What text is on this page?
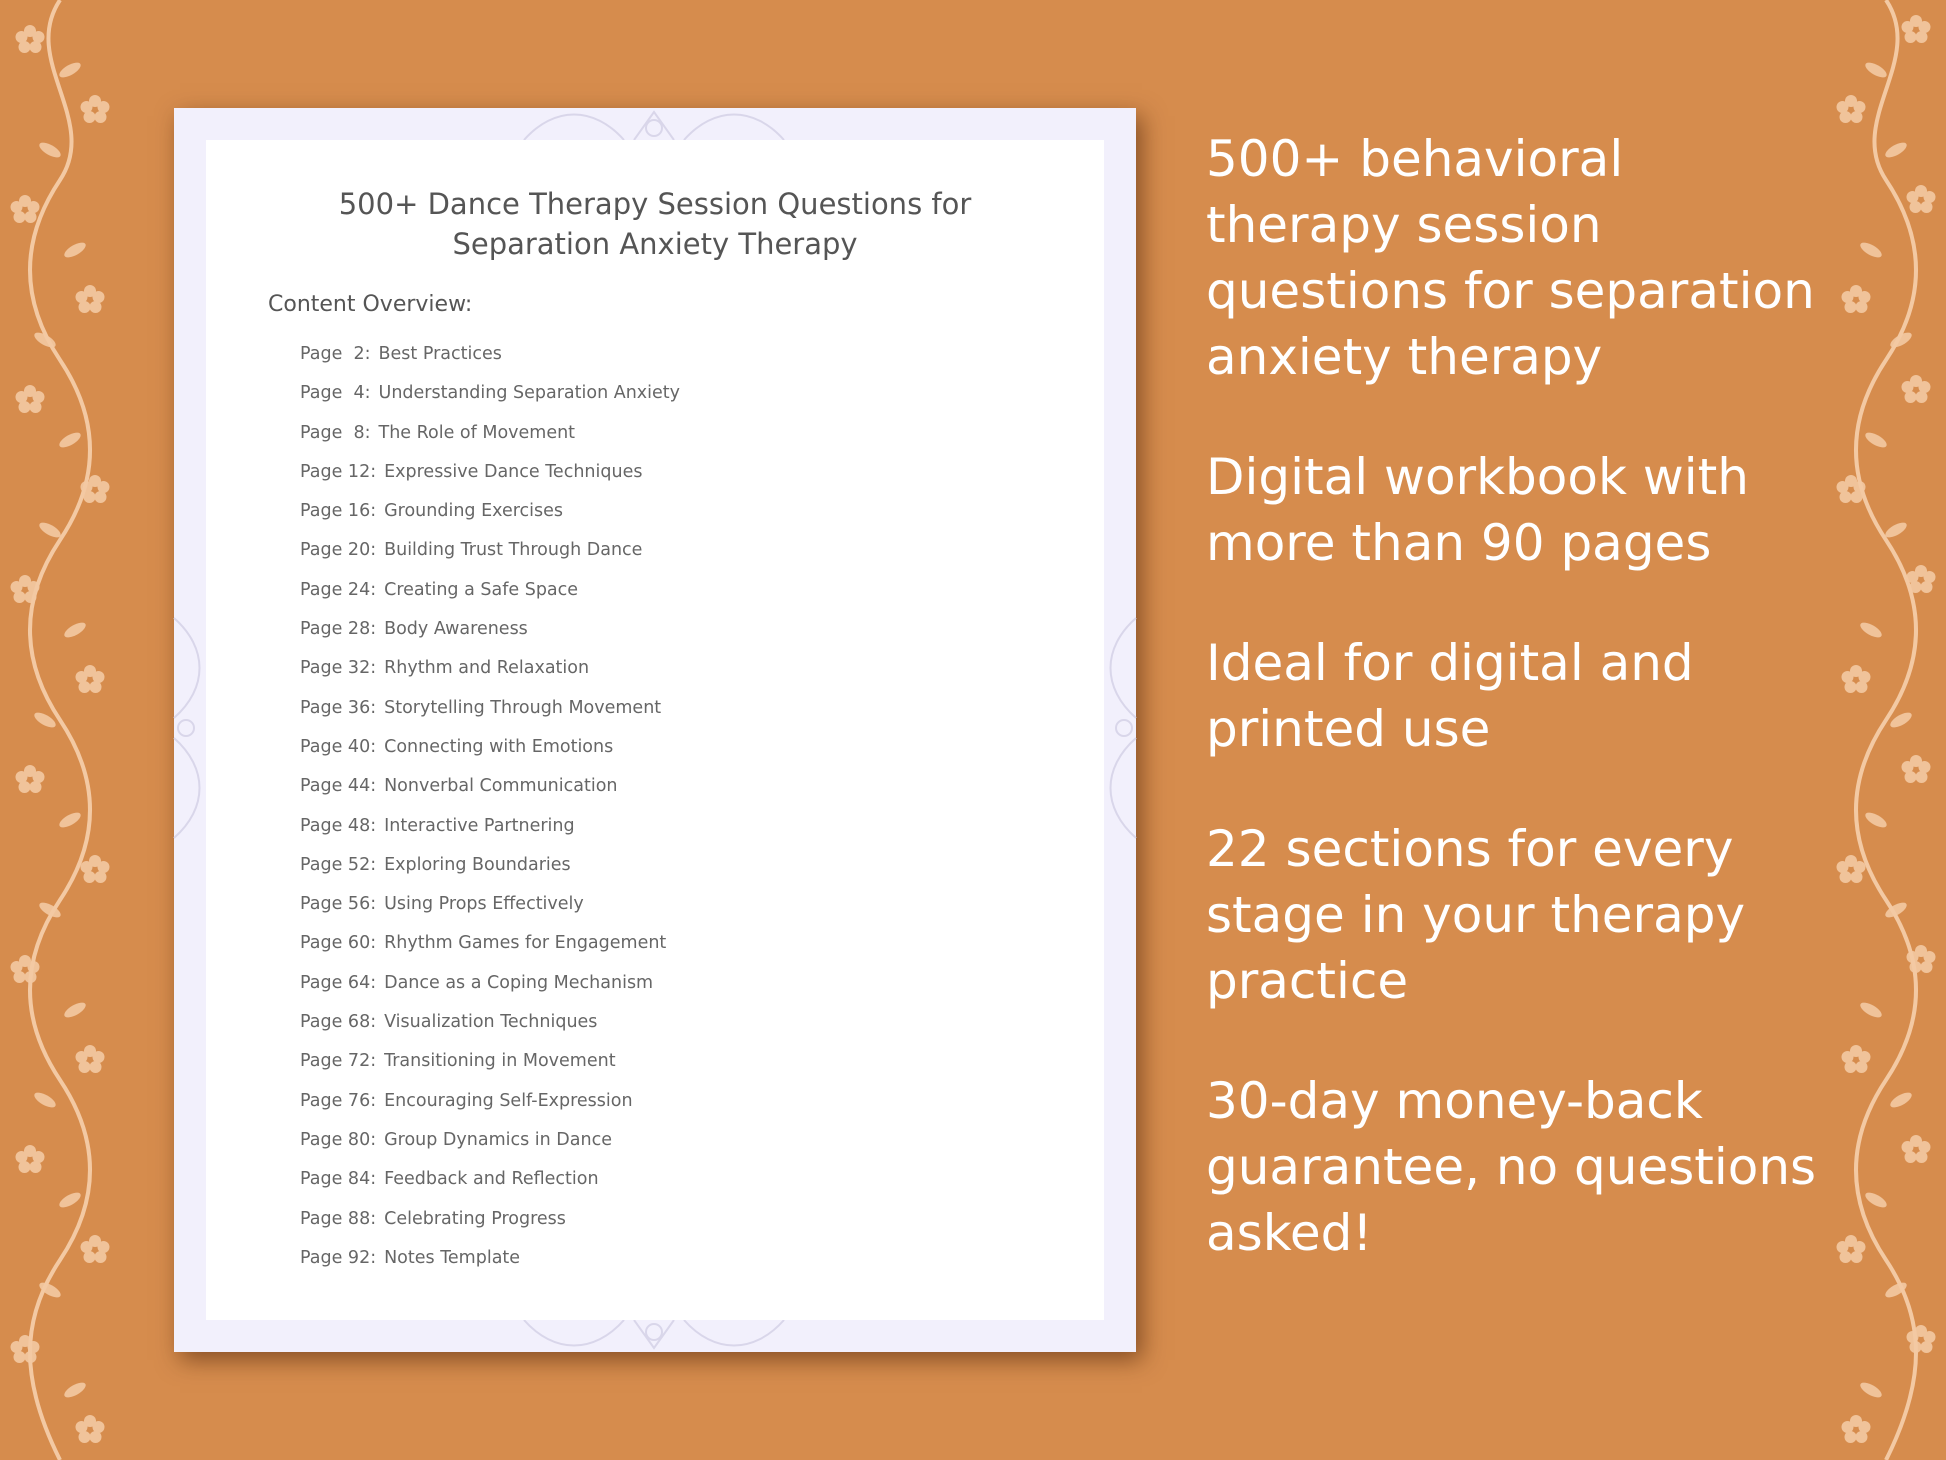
500+ Dance Therapy Session Questions for
Separation Anxiety Therapy
Content Overview:
Page  2: Best Practices
Page  4: Understanding Separation Anxiety
Page  8: The Role of Movement
Page 12: Expressive Dance Techniques
Page 16: Grounding Exercises
Page 20: Building Trust Through Dance
Page 24: Creating a Safe Space
Page 28: Body Awareness
Page 32: Rhythm and Relaxation
Page 36: Storytelling Through Movement
Page 40: Connecting with Emotions
Page 44: Nonverbal Communication
Page 48: Interactive Partnering
Page 52: Exploring Boundaries
Page 56: Using Props Effectively
Page 60: Rhythm Games for Engagement
Page 64: Dance as a Coping Mechanism
Page 68: Visualization Techniques
Page 72: Transitioning in Movement
Page 76: Encouraging Self-Expression
Page 80: Group Dynamics in Dance
Page 84: Feedback and Reflection
Page 88: Celebrating Progress
Page 92: Notes Template

500+ behavioral therapy session questions for separation anxiety therapy

Digital workbook with more than 90 pages

Ideal for digital and printed use

22 sections for every stage in your therapy practice

30-day money-back guarantee, no questions asked!
